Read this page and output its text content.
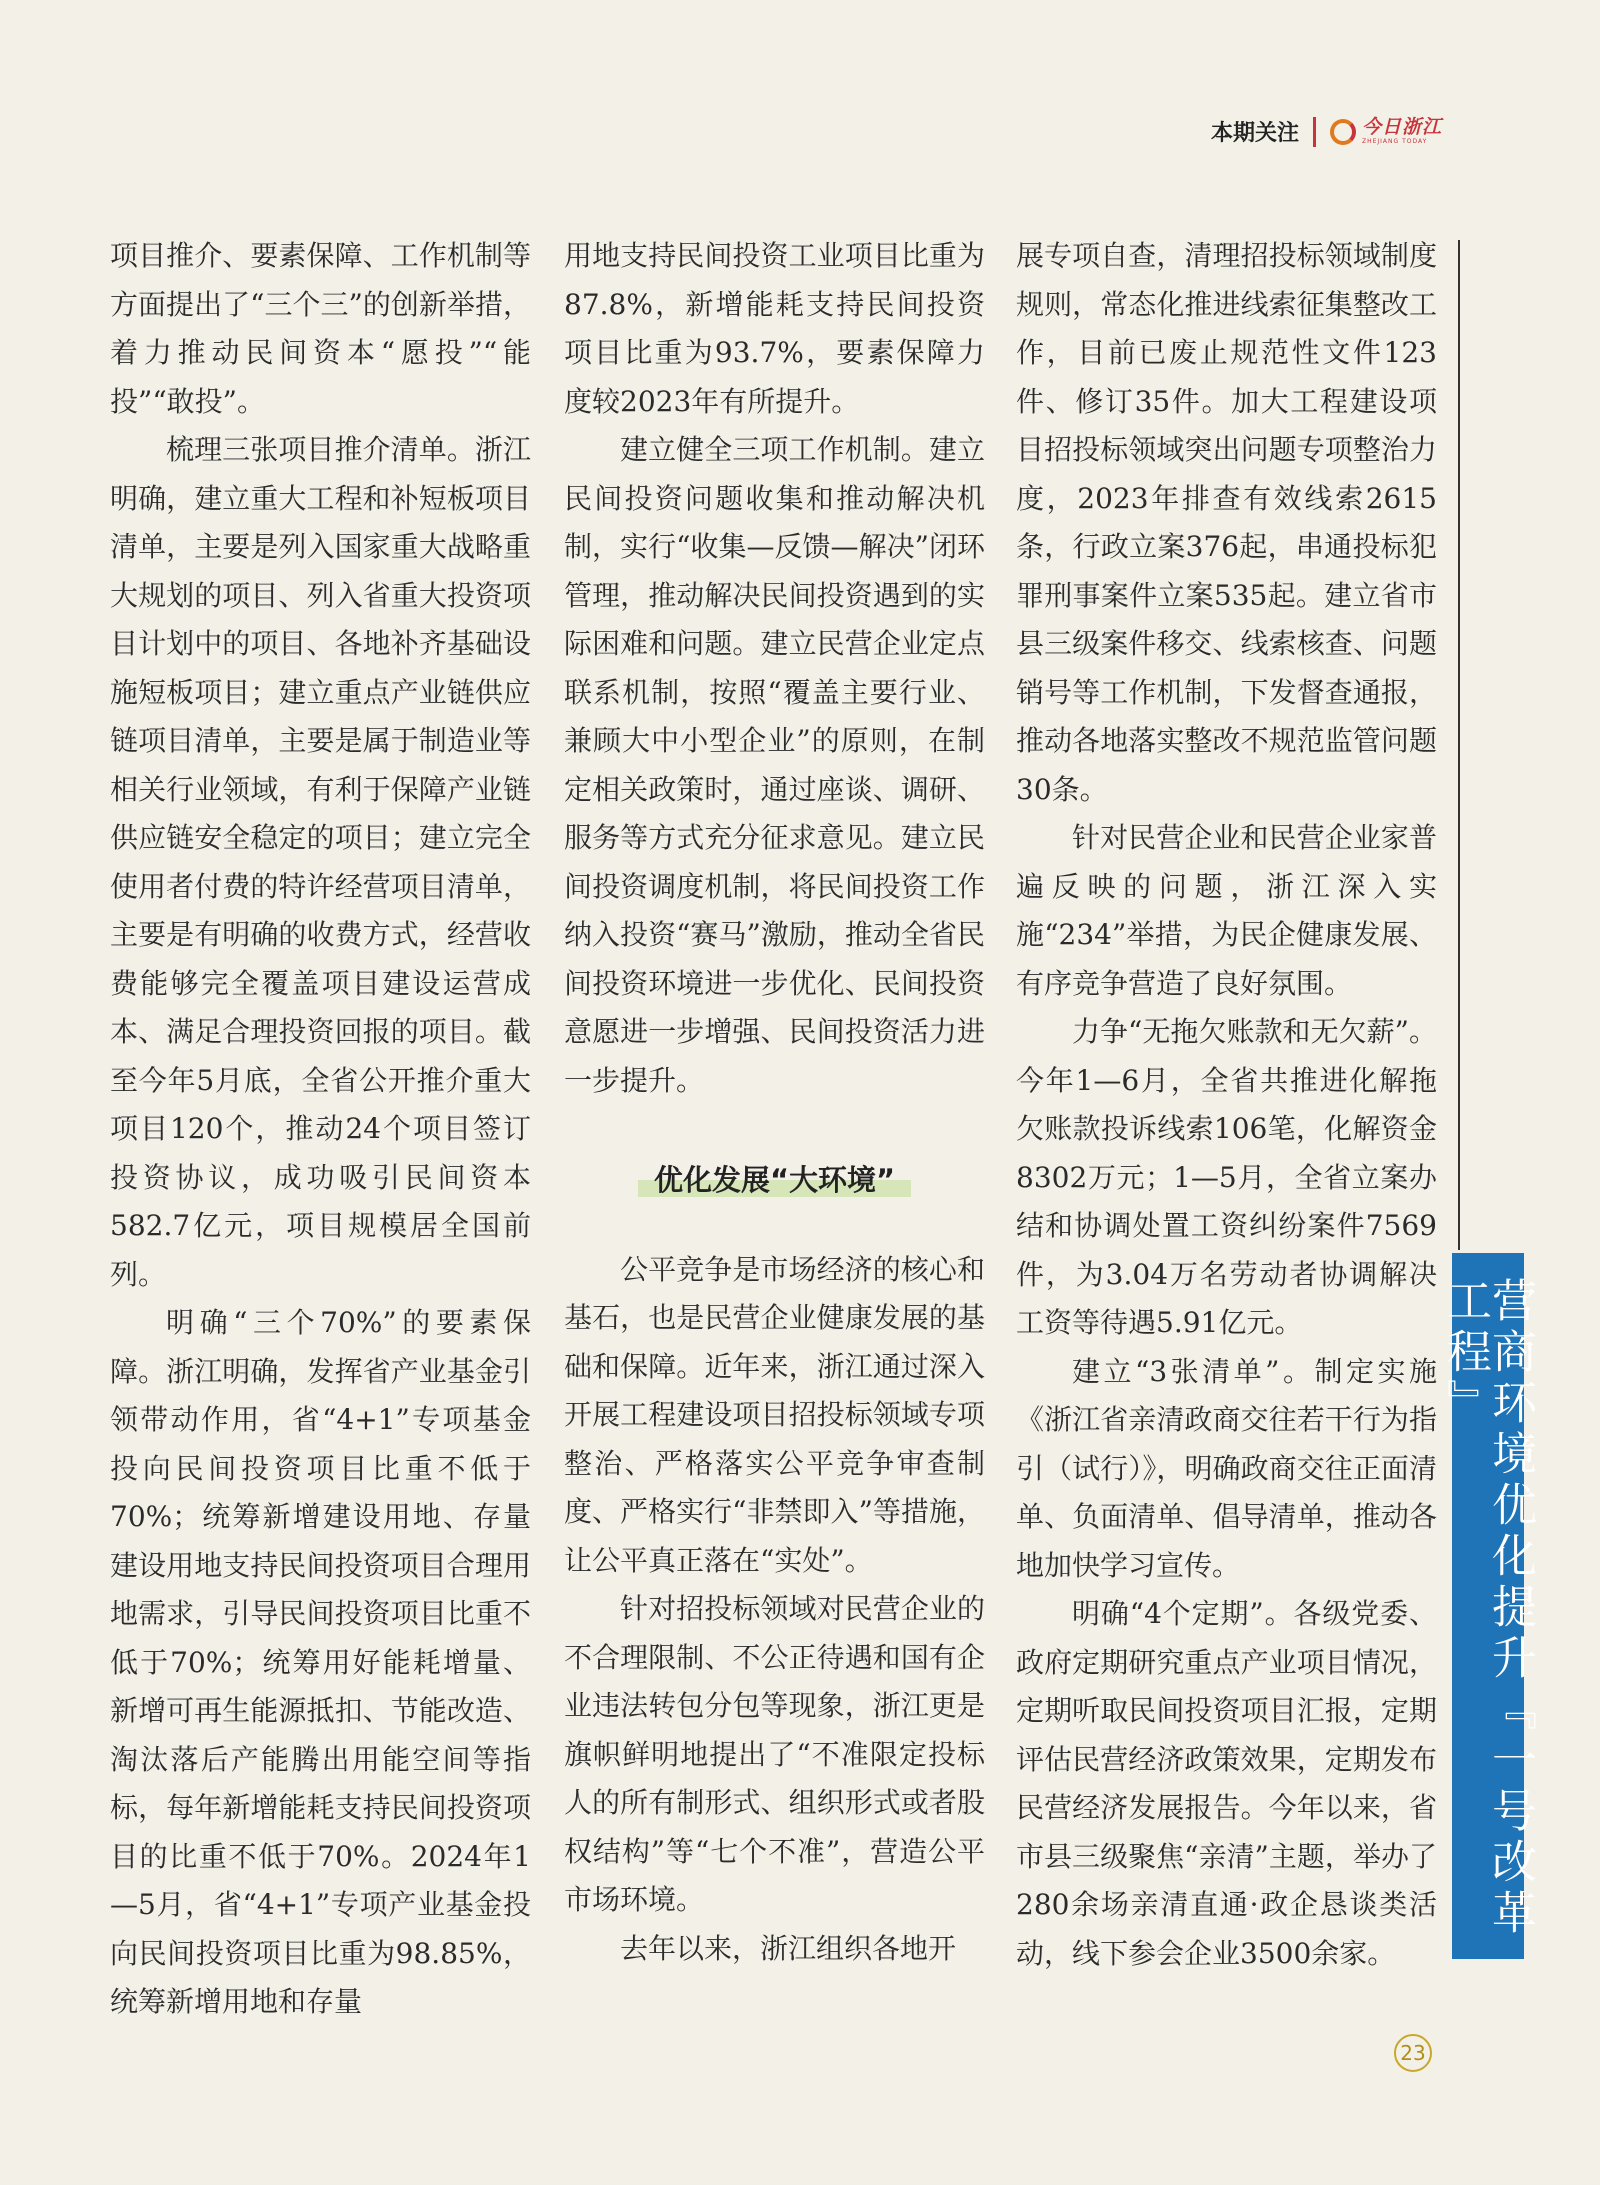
本期关注	今日浙江
ZHEJIANG TODAY

项目推介、要素保障、工作机制等方面提出了“三个三”的创新举措，着力推动民间资本“愿投”“能投”“敢投”。

梳理三张项目推介清单。浙江明确，建立重大工程和补短板项目清单，主要是列入国家重大战略重大规划的项目、列入省重大投资项目计划中的项目、各地补齐基础设施短板项目；建立重点产业链供应链项目清单，主要是属于制造业等相关行业领域，有利于保障产业链供应链安全稳定的项目；建立完全使用者付费的特许经营项目清单，主要是有明确的收费方式，经营收费能够完全覆盖项目建设运营成本、满足合理投资回报的项目。截至今年5月底，全省公开推介重大项目120个，推动24个项目签订投资协议，成功吸引民间资本582.7亿元，项目规模居全国前列。

明确“三个70%”的要素保障。浙江明确，发挥省产业基金引领带动作用，省“4+1”专项基金投向民间投资项目比重不低于70%；统筹新增建设用地、存量建设用地支持民间投资项目合理用地需求，引导民间投资项目比重不低于70%；统筹用好能耗增量、新增可再生能源抵扣、节能改造、淘汰落后产能腾出用能空间等指标，每年新增能耗支持民间投资项目的比重不低于70%。2024年1—5月，省“4+1”专项产业基金投向民间投资项目比重为98.85%，统筹新增用地和存量

用地支持民间投资工业项目比重为87.8%，新增能耗支持民间投资项目比重为93.7%，要素保障力度较2023年有所提升。

建立健全三项工作机制。建立民间投资问题收集和推动解决机制，实行“收集—反馈—解决”闭环管理，推动解决民间投资遇到的实际困难和问题。建立民营企业定点联系机制，按照“覆盖主要行业、兼顾大中小型企业”的原则，在制定相关政策时，通过座谈、调研、服务等方式充分征求意见。建立民间投资调度机制，将民间投资工作纳入投资“赛马”激励，推动全省民间投资环境进一步优化、民间投资意愿进一步增强、民间投资活力进一步提升。

优化发展“大环境”

公平竞争是市场经济的核心和基石，也是民营企业健康发展的基础和保障。近年来，浙江通过深入开展工程建设项目招投标领域专项整治、严格落实公平竞争审查制度、严格实行“非禁即入”等措施，让公平真正落在“实处”。

针对招投标领域对民营企业的不合理限制、不公正待遇和国有企业违法转包分包等现象，浙江更是旗帜鲜明地提出了“不准限定投标人的所有制形式、组织形式或者股权结构”等“七个不准”，营造公平市场环境。

去年以来，浙江组织各地开

展专项自查，清理招投标领域制度规则，常态化推进线索征集整改工作，目前已废止规范性文件123件、修订35件。加大工程建设项目招投标领域突出问题专项整治力度，2023年排查有效线索2615条，行政立案376起，串通投标犯罪刑事案件立案535起。建立省市县三级案件移交、线索核查、问题销号等工作机制，下发督查通报，推动各地落实整改不规范监管问题30条。

针对民营企业和民营企业家普遍反映的问题，浙江深入实施“234”举措，为民企健康发展、有序竞争营造了良好氛围。

力争“无拖欠账款和无欠薪”。今年1—6月，全省共推进化解拖欠账款投诉线索106笔，化解资金8302万元；1—5月，全省立案办结和协调处置工资纠纷案件7569件，为3.04万名劳动者协调解决工资等待遇5.91亿元。

建立“3张清单”。制定实施《浙江省亲清政商交往若干行为指引（试行）》，明确政商交往正面清单、负面清单、倡导清单，推动各地加快学习宣传。

明确“4个定期”。各级党委、政府定期研究重点产业项目情况，定期听取民间投资项目汇报，定期评估民营经济政策效果，定期发布民营经济发展报告。今年以来，省市县三级聚焦“亲清”主题，举办了280余场亲清直通·政企恳谈类活动，线下参会企业3500余家。

营商环境优化提升『一号改革工程』
23
